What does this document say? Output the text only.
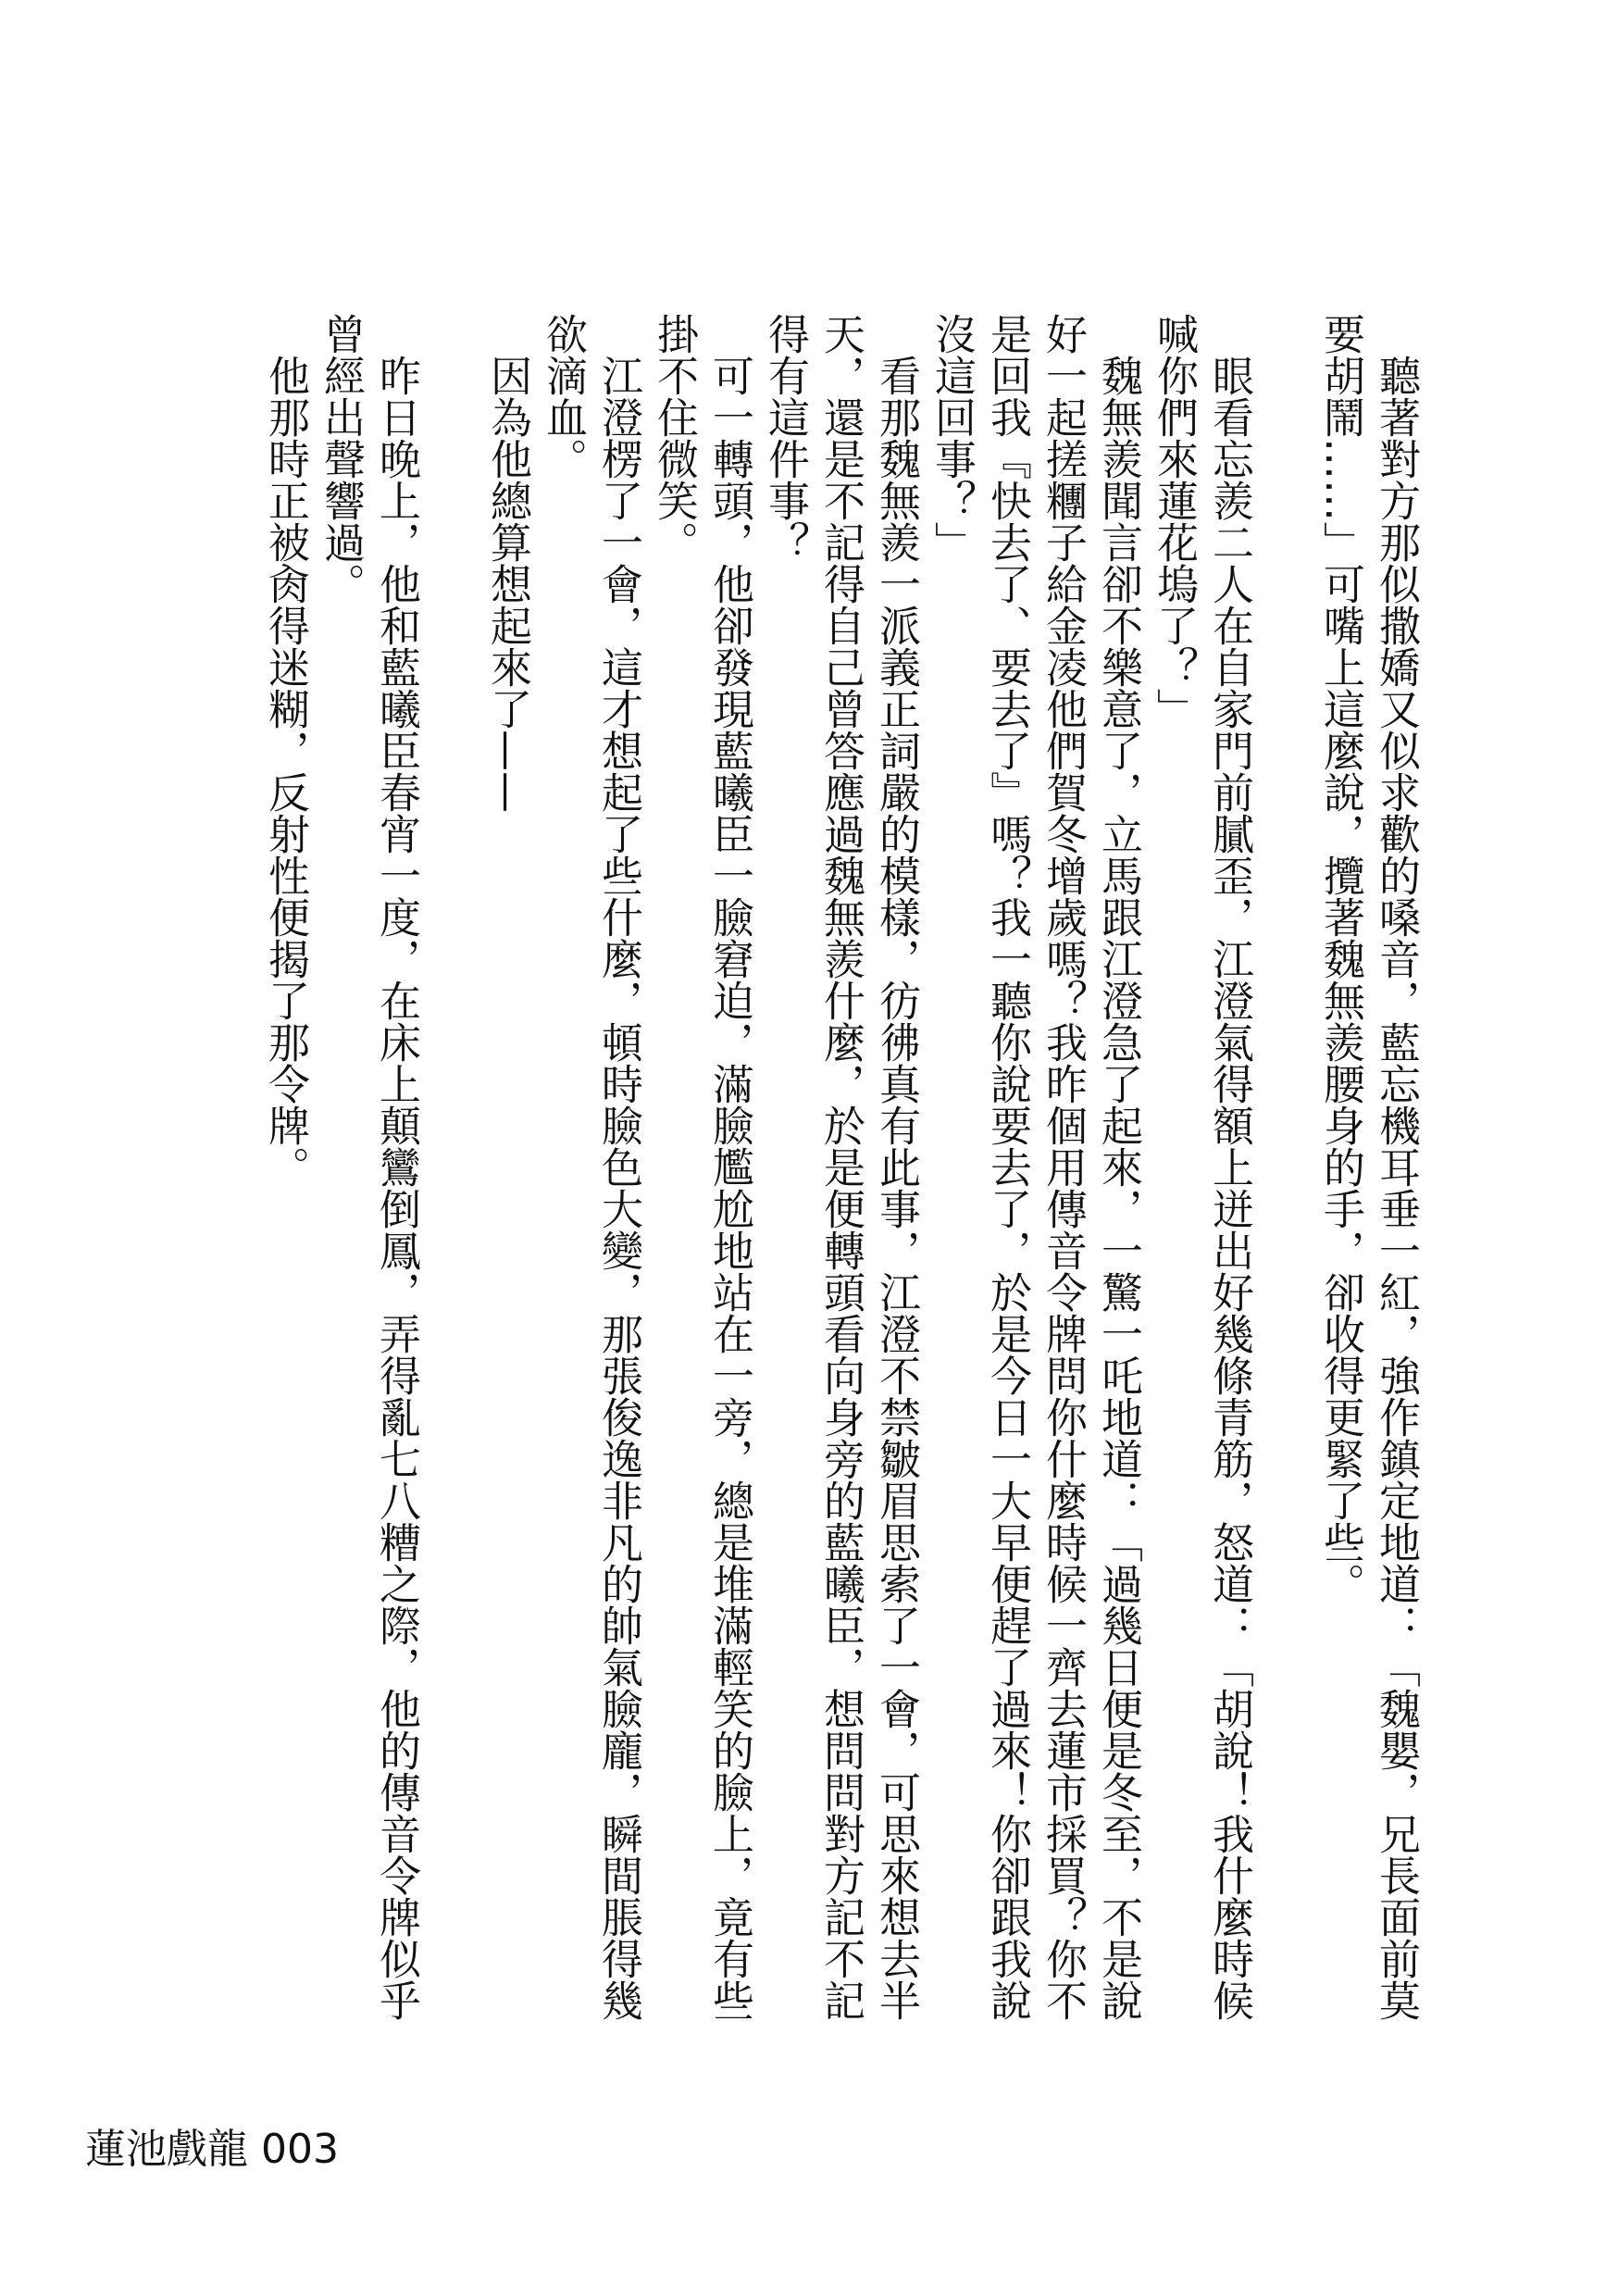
聽著對方那似撒嬌又似求歡的嗓音，藍忘機耳垂一紅，強作鎮定地道：「魏嬰，兄長面前莫要胡鬧……」可嘴上這麼說，攬著魏無羨腰身的手，卻收得更緊了些。

眼看忘羨二人在自家門前膩歪，江澄氣得額上迸出好幾條青筋，怒道：「胡說！我什麼時候喊你們來蓮花塢了？」

魏無羨聞言卻不樂意了，立馬跟江澄急了起來，一驚一吒地道：「過幾日便是冬至，不是說好一起搓糰子給金凌他們賀冬增歲嗎？我昨個用傳音令牌問你什麼時候一齊去蓮市採買？你不是回我『快去了、要去了』嗎？我一聽你說要去了，於是今日一大早便趕了過來！你卻跟我說沒這回事？」

看那魏無羨一派義正詞嚴的模樣，彷彿真有此事，江澄不禁皺眉思索了一會，可思來想去半天，還是不記得自己曾答應過魏無羨什麼，於是便轉頭看向身旁的藍曦臣，想問問對方記不記得有這件事？

可一轉頭，他卻發現藍曦臣一臉窘迫，滿臉尷尬地站在一旁，總是堆滿輕笑的臉上，竟有些掛不住微笑。

江澄楞了一會，這才想起了些什麼，頓時臉色大變，那張俊逸非凡的帥氣臉龐，瞬間脹得幾欲滴血。

因為他總算想起來了——

昨日晚上，他和藍曦臣春宵一度，在床上顛鸞倒鳳，弄得亂七八糟之際，他的傳音令牌似乎曾經出聲響過。

他那時正被肏得迷糊，反射性便揭了那令牌。

蓮池戲龍 003
